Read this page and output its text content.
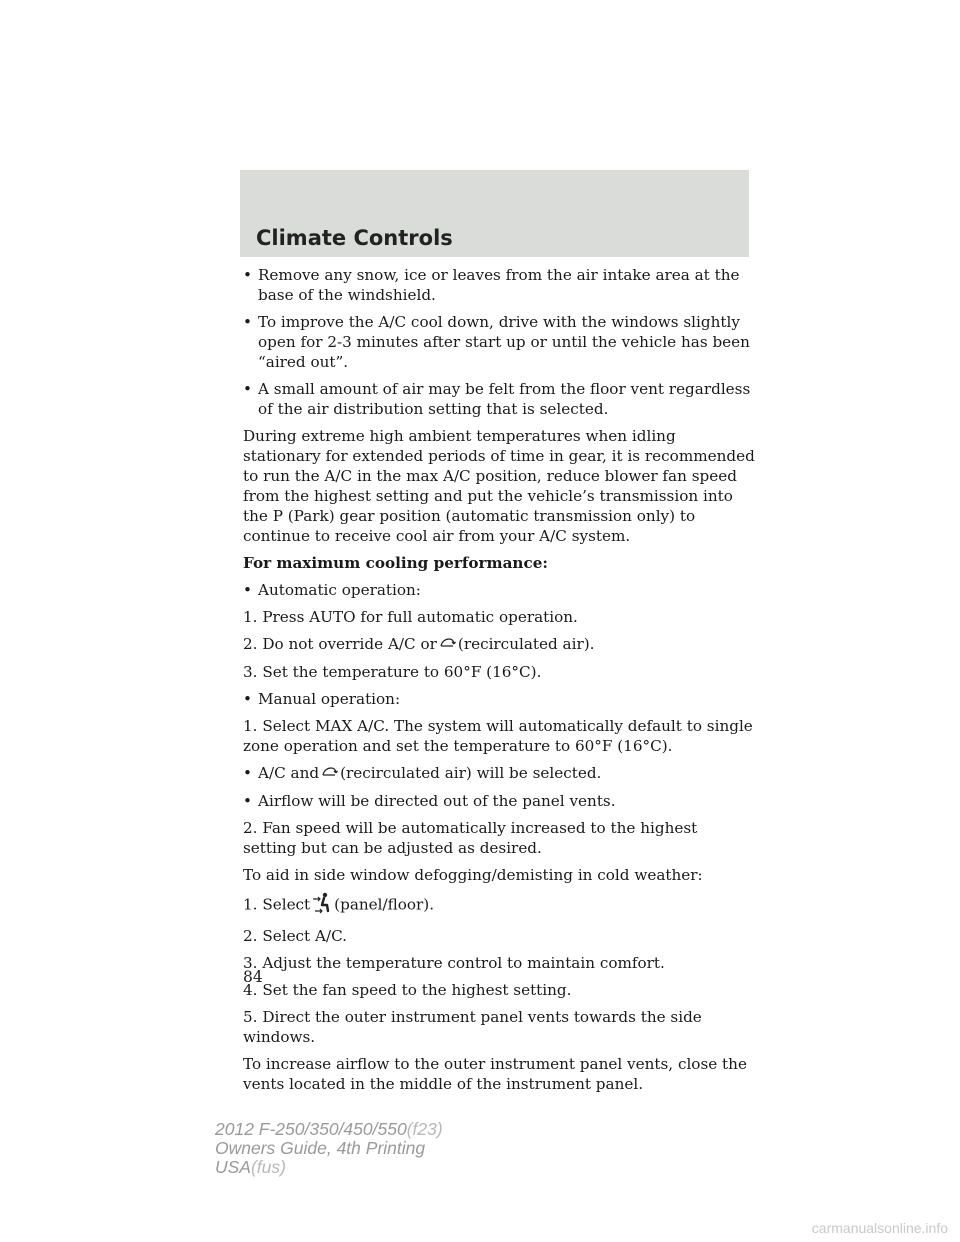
Climate Controls
• Remove any snow, ice or leaves from the air intake area at the base of the windshield.
• To improve the A/C cool down, drive with the windows slightly open for 2-3 minutes after start up or until the vehicle has been “aired out”.
• A small amount of air may be felt from the floor vent regardless of the air distribution setting that is selected.

During extreme high ambient temperatures when idling stationary for extended periods of time in gear, it is recommended to run the A/C in the max A/C position, reduce blower fan speed from the highest setting and put the vehicle’s transmission into the P (Park) gear position (automatic transmission only) to continue to receive cool air from your A/C system.

For maximum cooling performance:

• Automatic operation:

1. Press AUTO for full automatic operation.

2. Do not override A/C or (recirculated air).

3. Set the temperature to 60°F (16°C).

• Manual operation:

1. Select MAX A/C. The system will automatically default to single zone operation and set the temperature to 60°F (16°C).

• A/C and (recirculated air) will be selected.
• Airflow will be directed out of the panel vents.

2. Fan speed will be automatically increased to the highest setting but can be adjusted as desired.

To aid in side window defogging/demisting in cold weather:

1. Select (panel/floor).

2. Select A/C.

3. Adjust the temperature control to maintain comfort.

4. Set the fan speed to the highest setting.

5. Direct the outer instrument panel vents towards the side windows.

To increase airflow to the outer instrument panel vents, close the vents located in the middle of the instrument panel.

84
2012 F-250/350/450/550(f23)
Owners Guide, 4th Printing
USA(fus)
carmanualsonline.info
